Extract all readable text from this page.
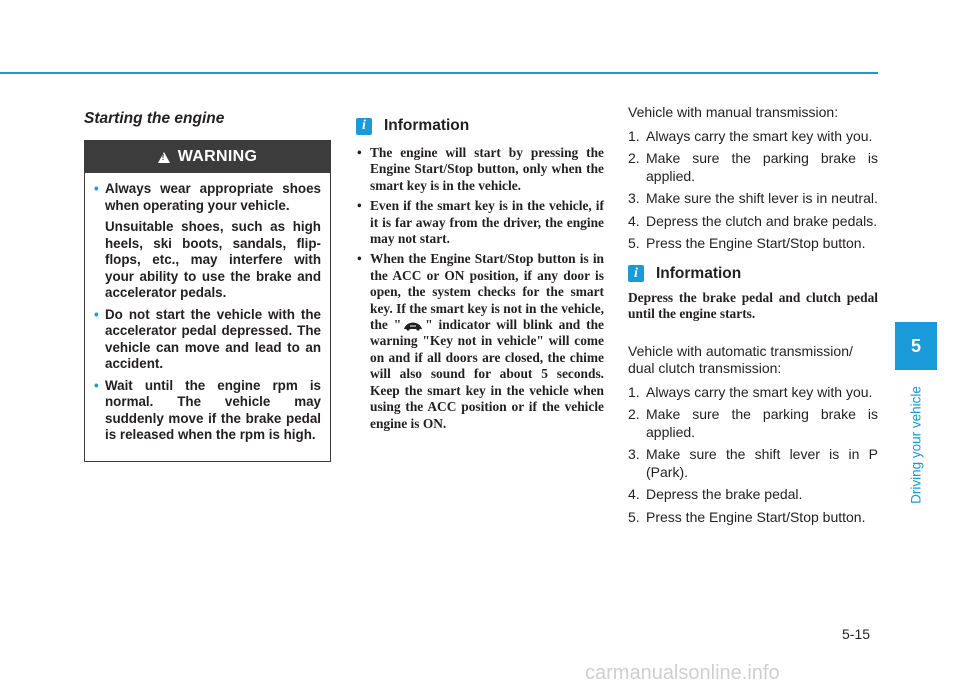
Starting the engine
!
WARNING
• Always wear appropriate shoes when operating your vehicle.

Unsuitable shoes, such as high heels, ski boots, sandals, flip-flops, etc., may interfere with your ability to use the brake and accelerator pedals.

• Do not start the vehicle with the accelerator pedal depressed. The vehicle can move and lead to an accident.

• Wait until the engine rpm is normal. The vehicle may suddenly move if the brake pedal is released when the rpm is high.

i	Information
• The engine will start by pressing the Engine Start/Stop button, only when the smart key is in the vehicle.
• Even if the smart key is in the vehicle, if it is far away from the driver, the engine may not start.
• When the Engine Start/Stop button is in the ACC or ON position, if any door is open, the system checks for the smart key. If the smart key is not in the vehicle, the " " indicator will blink and the warning "Key not in vehicle" will come on and if all doors are closed, the chime will also sound for about 5 seconds. Keep the smart key in the vehicle when using the ACC position or if the vehicle engine is ON.

Vehicle with manual transmission:

1. Always carry the smart key with you.
2. Make sure the parking brake is applied.
3. Make sure the shift lever is in neutral.
4. Depress the clutch and brake pedals.
5. Press the Engine Start/Stop button.
i	Information
Depress the brake pedal and clutch pedal until the engine starts.

Vehicle with automatic transmission/ dual clutch transmission:

1. Always carry the smart key with you.
2. Make sure the parking brake is applied.
3. Make sure the shift lever is in P (Park).
4. Depress the brake pedal.
5. Press the Engine Start/Stop button.
5
Driving your vehicle
5-15
carmanualsonline.info
